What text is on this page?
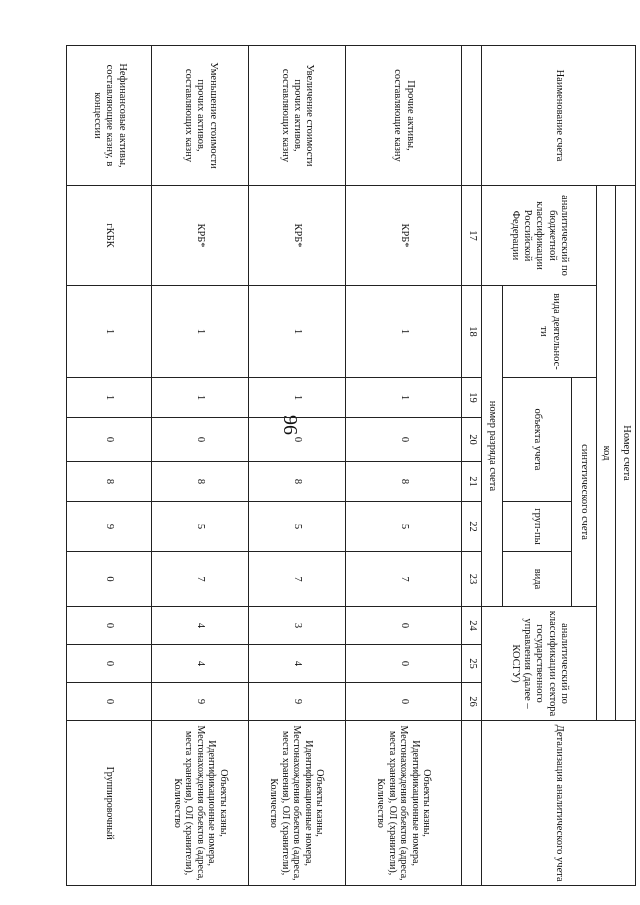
96
Наименование счета	Номер счета										Детализация аналитического учета
	код										
	аналитический по бюджетной классификации Российской Федерации	вида деятельнос-ти	синтетического счета					аналитический по классификации сектора государственного управления (далее – КОСГУ)			
			объекта учета			груп-пы	вида				
		номер разряда счета									
	17	18	19	20	21	22	23	24	25	26	
Прочие активы, составляющие казну	КРБ*	1	1	0	8	5	7	0	0	0	Объекты казны, Идентификационные номера, Местонахождения объектов (адреса, места хранения), ОЛ (хранители), Количество
Увеличение стоимости прочих активов, составляющих казну	КРБ*	1	1	0	8	5	7	3	4	9	Объекты казны, Идентификационные номера, Местонахождения объектов (адреса, места хранения), ОЛ (хранители), Количество
Уменьшение стоимости прочих активов, составляющих казну	КРБ*	1	1	0	8	5	7	4	4	9	Объекты казны, Идентификационные номера, Местонахождения объектов (адреса, места хранения), ОЛ (хранители), Количество
Нефинансовые активы, составляющие казну, в концессии	гКБК	1	1	0	8	9	0	0	0	0	Группировочный
